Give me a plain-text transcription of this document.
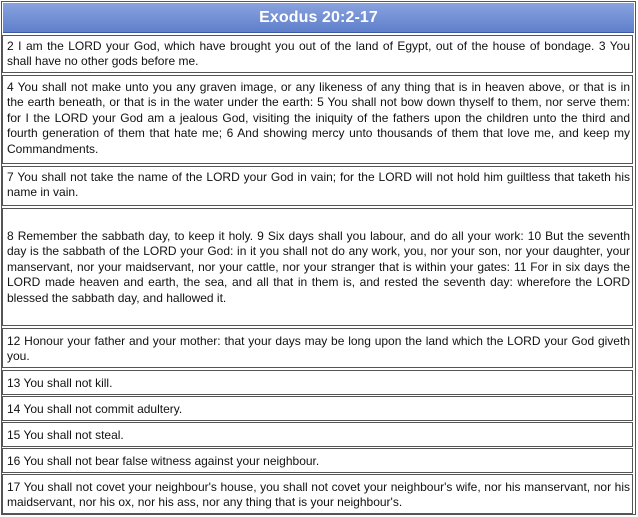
Exodus 20:2-17
2 I am the LORD your God, which have brought you out of the land of Egypt, out of the house of bondage. 3 You shall have no other gods before me.
4 You shall not make unto you any graven image, or any likeness of any thing that is in heaven above, or that is in the earth beneath, or that is in the water under the earth: 5 You shall not bow down thyself to them, nor serve them: for I the LORD your God am a jealous God, visiting the iniquity of the fathers upon the children unto the third and fourth generation of them that hate me; 6 And showing mercy unto thousands of them that love me, and keep my Commandments.
7 You shall not take the name of the LORD your God in vain; for the LORD will not hold him guiltless that taketh his name in vain.
8 Remember the sabbath day, to keep it holy. 9 Six days shall you labour, and do all your work: 10 But the seventh day is the sabbath of the LORD your God: in it you shall not do any work, you, nor your son, nor your daughter, your manservant, nor your maidservant, nor your cattle, nor your stranger that is within your gates: 11 For in six days the LORD made heaven and earth, the sea, and all that in them is, and rested the seventh day: wherefore the LORD blessed the sabbath day, and hallowed it.
12 Honour your father and your mother: that your days may be long upon the land which the LORD your God giveth you.
13 You shall not kill.
14 You shall not commit adultery.
15 You shall not steal.
16 You shall not bear false witness against your neighbour.
17 You shall not covet your neighbour's house, you shall not covet your neighbour's wife, nor his manservant, nor his maidservant, nor his ox, nor his ass, nor any thing that is your neighbour's.
